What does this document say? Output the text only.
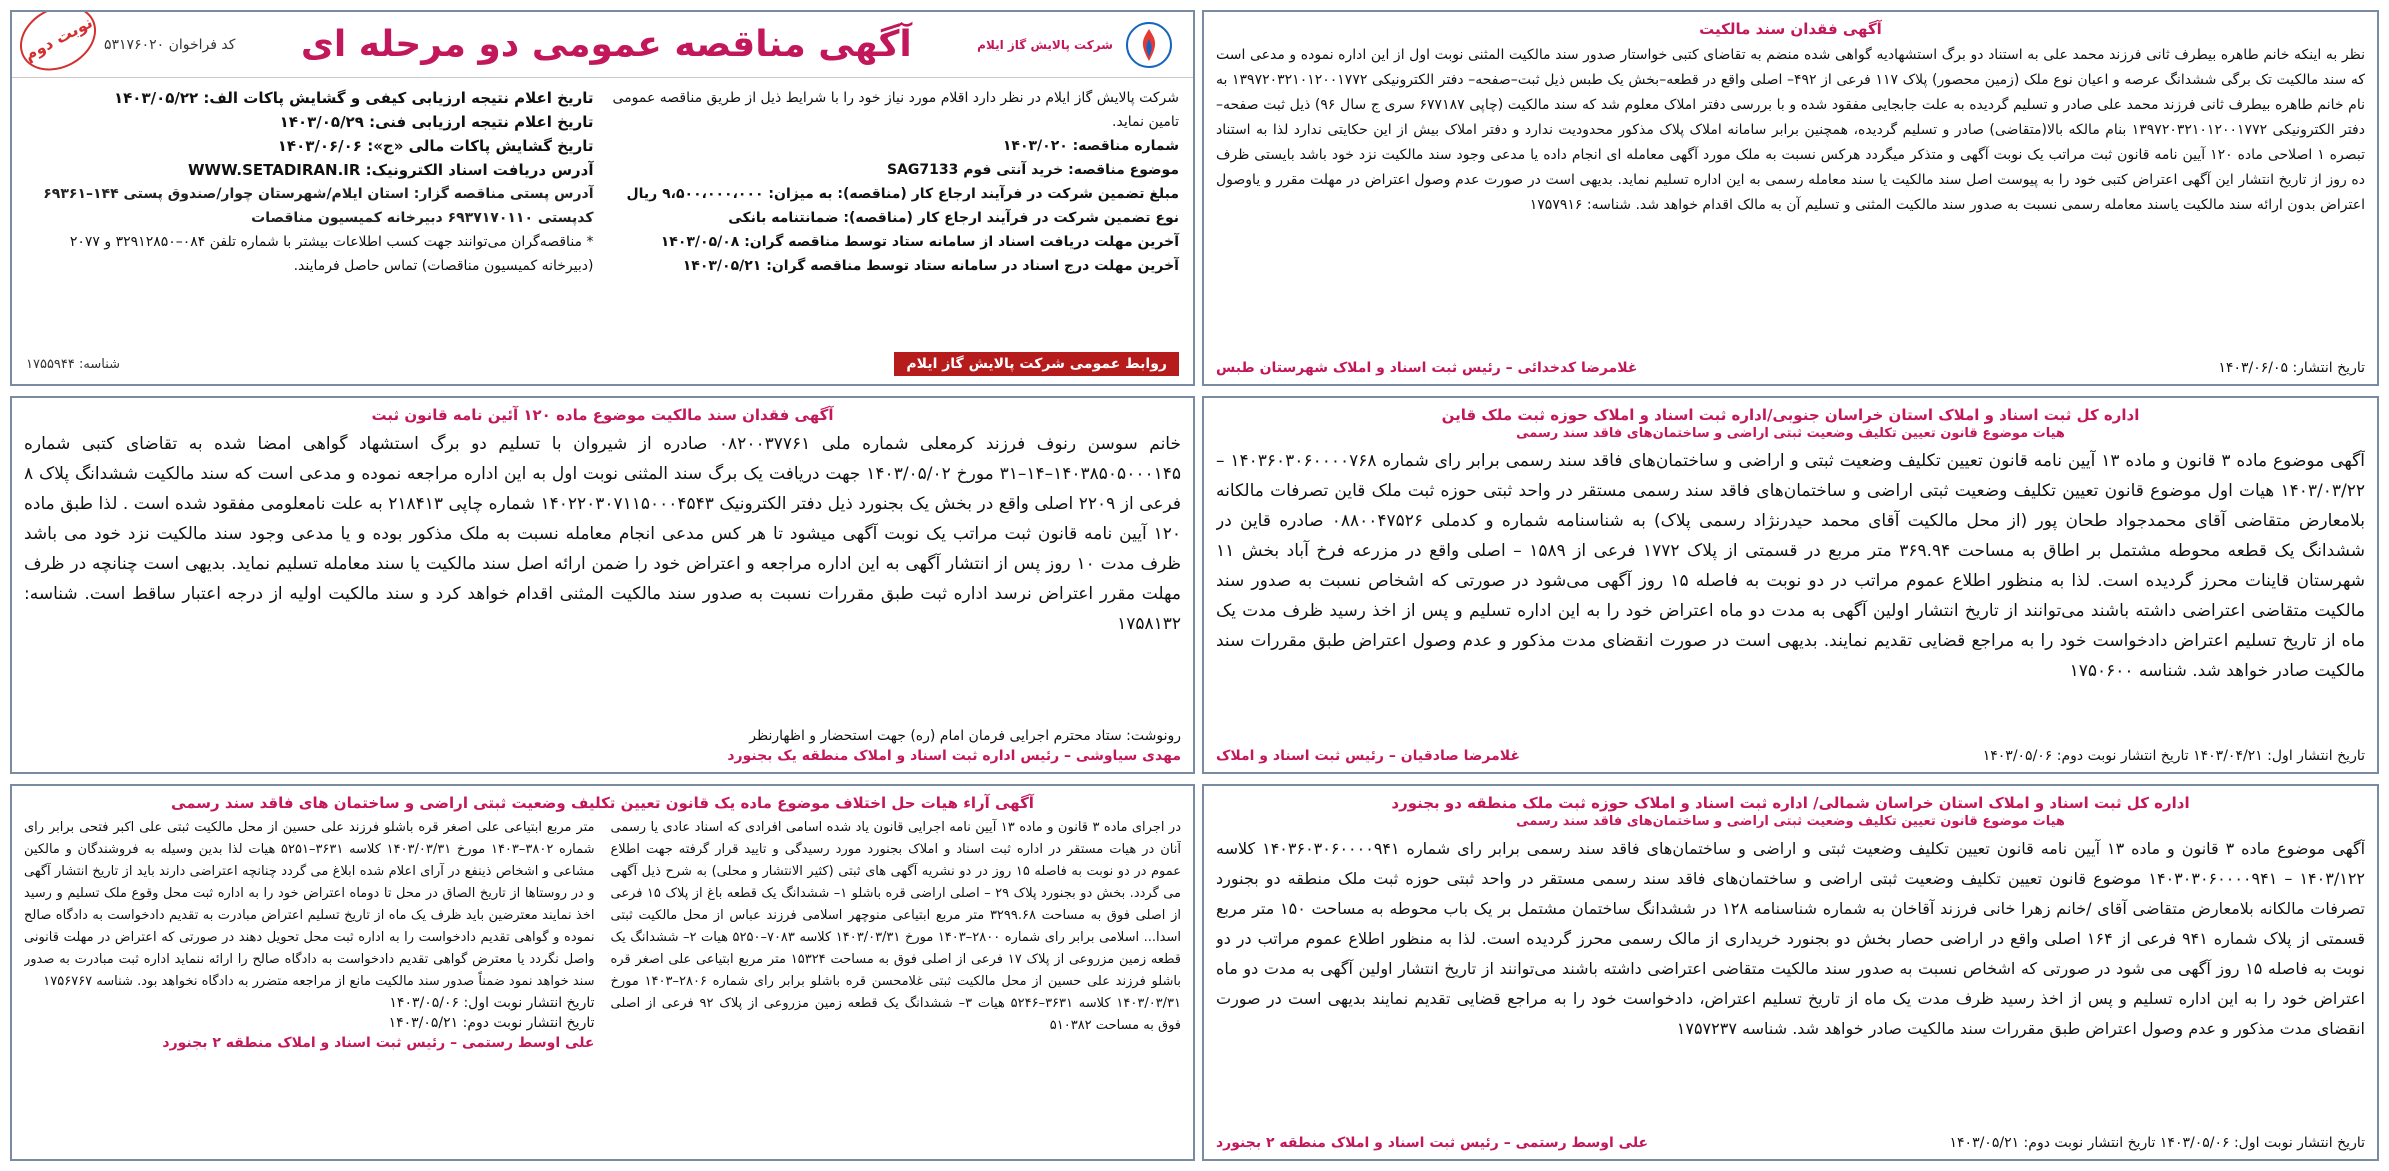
آگهی فقدان سند مالکیت
نظر به اینکه خانم طاهره بیطرف ثانی فرزند محمد علی به استناد دو برگ استشهادیه گواهی شده منضم به تقاضای کتبی خواستار صدور سند مالکیت المثنی نوبت اول از این اداره نموده و مدعی است که سند مالکیت تک برگی ششدانگ عرصه و اعیان نوع ملک (زمین محصور) پلاک ۱۱۷ فرعی از ۴۹۲– اصلی واقع در قطعه–بخش یک طبس ذیل ثبت–صفحه– دفتر الکترونیکی ۱۳۹۷۲۰۳۲۱۰۱۲۰۰۱۷۷۲ به نام خانم طاهره بیطرف ثانی فرزند محمد علی صادر و تسلیم گردیده به علت جابجایی مفقود شده و با بررسی دفتر املاک معلوم شد که سند مالکیت (چاپی ۶۷۷۱۸۷ سری ج سال ۹۶) ذیل ثبت صفحه– دفتر الکترونیکی ۱۳۹۷۲۰۳۲۱۰۱۲۰۰۱۷۷۲ بنام مالکه بالا(متقاضی) صادر و تسلیم گردیده، همچنین برابر سامانه املاک پلاک مذکور محدودیت ندارد و دفتر املاک بیش از این حکایتی ندارد لذا به استناد تبصره ۱ اصلاحی ماده ۱۲۰ آیین نامه قانون ثبت مراتب یک نوبت آگهی و متذکر میگردد هرکس نسبت به ملک مورد آگهی معامله ای انجام داده یا مدعی وجود سند مالکیت نزد خود باشد بایستی ظرف ده روز از تاریخ انتشار این آگهی اعتراض کتبی خود را به پیوست اصل سند مالکیت یا سند معامله رسمی به این اداره تسلیم نماید. بدیهی است در صورت عدم وصول اعتراض در مهلت مقرر و یاوصول اعتراض بدون ارائه سند مالکیت یاسند معامله رسمی نسبت به صدور سند مالکیت المثنی و تسلیم آن به مالک اقدام خواهد شد. شناسه: ۱۷۵۷۹۱۶
تاریخ انتشار: ۱۴۰۳/۰۶/۰۵
غلامرضا کدخدائی – رئیس ثبت اسناد و املاک شهرستان طبس
شرکت پالایش گاز ایلام
آگهی مناقصه عمومی دو مرحله ای
کد فراخوان ۵۳۱۷۶۰۲۰
نوبت دوم
شرکت پالایش گاز ایلام در نظر دارد اقلام مورد نیاز خود را با شرایط ذیل از طریق مناقصه عمومی تامین نماید.
شماره مناقصه: ۱۴۰۳/۰۲۰
موضوع مناقصه: خرید آنتی فوم SAG7133
مبلغ تضمین شرکت در فرآیند ارجاع کار (مناقصه): به میزان: ۹،۵۰۰،۰۰۰،۰۰۰ ریال
نوع تضمین شرکت در فرآیند ارجاع کار (مناقصه): ضمانتنامه بانکی
آخرین مهلت دریافت اسناد از سامانه ستاد توسط مناقصه گران: ۱۴۰۳/۰۵/۰۸
آخرین مهلت درج اسناد در سامانه ستاد توسط مناقصه گران: ۱۴۰۳/۰۵/۲۱
تاریخ اعلام نتیجه ارزیابی کیفی و گشایش پاکات الف: ۱۴۰۳/۰۵/۲۲
تاریخ اعلام نتیجه ارزیابی فنی: ۱۴۰۳/۰۵/۲۹
تاریخ گشایش پاکات مالی «ج»: ۱۴۰۳/۰۶/۰۶
آدرس دریافت اسناد الکترونیک: WWW.SETADIRAN.IR
آدرس پستی مناقصه گزار: استان ایلام/شهرستان چوار/صندوق پستی ۱۴۴–۶۹۳۶۱ کدپستی ۶۹۳۷۱۷۰۱۱۰ دبیرخانه کمیسیون مناقصات
* مناقصه‌گران می‌توانند جهت کسب اطلاعات بیشتر با شماره تلفن ۰۸۴–۳۲۹۱۲۸۵۰ و ۲۰۷۷ (دبیرخانه کمیسیون مناقصات) تماس حاصل فرمایند.
روابط عمومی شرکت پالایش گاز ایلام
شناسه: ۱۷۵۵۹۴۴
اداره کل ثبت اسناد و املاک استان خراسان جنوبی/اداره ثبت اسناد و املاک حوزه ثبت ملک قاین
هیات موضوع قانون تعیین تکلیف وضعیت ثبتی اراضی و ساختمان‌های فاقد سند رسمی
آگهی موضوع ماده ۳ قانون و ماده ۱۳ آیین نامه قانون تعیین تکلیف وضعیت ثبتی و اراضی و ساختمان‌های فاقد سند رسمی برابر رای شماره ۱۴۰۳۶۰۳۰۶۰۰۰۰۷۶۸ – ۱۴۰۳/۰۳/۲۲ هیات اول موضوع قانون تعیین تکلیف وضعیت ثبتی اراضی و ساختمان‌های فاقد سند رسمی مستقر در واحد ثبتی حوزه ثبت ملک قاین تصرفات مالکانه بلامعارض متقاضی آقای محمدجواد طحان پور (از محل مالکیت آقای محمد حیدرنژاد رسمی پلاک) به شناسنامه شماره و کدملی ۰۸۸۰۰۴۷۵۲۶ صادره قاین در ششدانگ یک قطعه محوطه مشتمل بر اطاق به مساحت ۳۶۹.۹۴ متر مربع در قسمتی از پلاک ۱۷۷۲ فرعی از ۱۵۸۹ – اصلی واقع در مزرعه فرخ آباد بخش ۱۱ شهرستان قاینات محرز گردیده است. لذا به منظور اطلاع عموم مراتب در دو نوبت به فاصله ۱۵ روز آگهی می‌شود در صورتی که اشخاص نسبت به صدور سند مالکیت متقاضی اعتراضی داشته باشند می‌توانند از تاریخ انتشار اولین آگهی به مدت دو ماه اعتراض خود را به این اداره تسلیم و پس از اخذ رسید ظرف مدت یک ماه از تاریخ تسلیم اعتراض دادخواست خود را به مراجع قضایی تقدیم نمایند. بدیهی است در صورت انقضای مدت مذکور و عدم وصول اعتراض طبق مقررات سند مالکیت صادر خواهد شد. شناسه ۱۷۵۰۶۰۰
تاریخ انتشار اول: ۱۴۰۳/۰۴/۲۱ تاریخ انتشار نوبت دوم: ۱۴۰۳/۰۵/۰۶
غلامرضا صادقیان – رئیس ثبت اسناد و املاک
آگهی فقدان سند مالکیت موضوع ماده ۱۲۰ آئین نامه قانون ثبت
خانم سوسن رنوف فرزند کرمعلی شماره ملی ۰۸۲۰۰۳۷۷۶۱ صادره از شیروان با تسلیم دو برگ استشهاد گواهی امضا شده به تقاضای کتبی شماره ۱۴۰۳۸۵۰۵۰۰۰۱۴۵–۱۴–۳۱ مورخ ۱۴۰۳/۰۵/۰۲ جهت دریافت یک برگ سند المثنی نوبت اول به این اداره مراجعه نموده و مدعی است که سند مالکیت ششدانگ پلاک ۸ فرعی از ۲۲۰۹ اصلی واقع در بخش یک بجنورد ذیل دفتر الکترونیک ۱۴۰۲۲۰۳۰۷۱۱۵۰۰۰۴۵۴۳ شماره چاپی ۲۱۸۴۱۳ به علت نامعلومی مفقود شده است . لذا طبق ماده ۱۲۰ آیین نامه قانون ثبت مراتب یک نوبت آگهی میشود تا هر کس مدعی انجام معامله نسبت به ملک مذکور بوده و یا مدعی وجود سند مالکیت نزد خود می باشد ظرف مدت ۱۰ روز پس از انتشار آگهی به این اداره مراجعه و اعتراض خود را ضمن ارائه اصل سند مالکیت یا سند معامله تسلیم نماید. بدیهی است چنانچه در ظرف مهلت مقرر اعتراض نرسد اداره ثبت طبق مقررات نسبت به صدور سند مالکیت المثنی اقدام خواهد کرد و سند مالکیت اولیه از درجه اعتبار ساقط است. شناسه: ۱۷۵۸۱۳۲
رونوشت: ستاد محترم اجرایی فرمان امام (ره) جهت استحضار و اظهارنظر
مهدی سیاوشی – رئیس اداره ثبت اسناد و املاک منطقه یک بجنورد
اداره کل ثبت اسناد و املاک استان خراسان شمالی/ اداره ثبت اسناد و املاک حوزه ثبت ملک منطقه دو بجنورد
هیات موضوع قانون تعیین تکلیف وضعیت ثبتی اراضی و ساختمان‌های فاقد سند رسمی
آگهی موضوع ماده ۳ قانون و ماده ۱۳ آیین نامه قانون تعیین تکلیف وضعیت ثبتی و اراضی و ساختمان‌های فاقد سند رسمی برابر رای شماره ۱۴۰۳۶۰۳۰۶۰۰۰۰۹۴۱ کلاسه ۱۴۰۳/۱۲۲ – ۱۴۰۳۰۳۰۶۰۰۰۰۹۴۱ موضوع قانون تعیین تکلیف وضعیت ثبتی اراضی و ساختمان‌های فاقد سند رسمی مستقر در واحد ثبتی حوزه ثبت ملک منطقه دو بجنورد تصرفات مالکانه بلامعارض متقاضی آقای /خانم زهرا خانی فرزند آقاخان به شماره شناسنامه ۱۲۸ در ششدانگ ساختمان مشتمل بر یک باب محوطه به مساحت ۱۵۰ متر مربع قسمتی از پلاک شماره ۹۴۱ فرعی از ۱۶۴ اصلی واقع در اراضی حصار بخش دو بجنورد خریداری از مالک رسمی محرز گردیده است. لذا به منظور اطلاع عموم مراتب در دو نوبت به فاصله ۱۵ روز آگهی می شود در صورتی که اشخاص نسبت به صدور سند مالکیت متقاضی اعتراضی داشته باشند می‌توانند از تاریخ انتشار اولین آگهی به مدت دو ماه اعتراض خود را به این اداره تسلیم و پس از اخذ رسید ظرف مدت یک ماه از تاریخ تسلیم اعتراض، دادخواست خود را به مراجع قضایی تقدیم نمایند بدیهی است در صورت انقضای مدت مذکور و عدم وصول اعتراض طبق مقررات سند مالکیت صادر خواهد شد. شناسه ۱۷۵۷۲۳۷
تاریخ انتشار نوبت اول: ۱۴۰۳/۰۵/۰۶ تاریخ انتشار نوبت دوم: ۱۴۰۳/۰۵/۲۱
علی اوسط رستمی – رئیس ثبت اسناد و املاک منطقه ۲ بجنورد
آگهی آراء هیات حل اختلاف موضوع ماده یک قانون تعیین تکلیف وضعیت ثبتی اراضی و ساختمان های فاقد سند رسمی
در اجرای ماده ۳ قانون و ماده ۱۳ آیین نامه اجرایی قانون یاد شده اسامی افرادی که اسناد عادی یا رسمی آنان در هیات مستقر در اداره ثبت اسناد و املاک بجنورد مورد رسیدگی و تایید قرار گرفته جهت اطلاع عموم در دو نوبت به فاصله ۱۵ روز در دو نشریه آگهی های ثبتی (کثیر الانتشار و محلی) به شرح ذیل آگهی می گردد. بخش دو بجنورد پلاک ۲۹ – اصلی اراضی قره باشلو ۱– ششدانگ یک قطعه باغ از پلاک ۱۵ فرعی از اصلی فوق به مساحت ۳۲۹۹.۶۸ متر مربع ابتیاعی منوچهر اسلامی فرزند عباس از محل مالکیت ثبتی اسدا... اسلامی برابر رای شماره ۲۸۰۰–۱۴۰۳ مورخ ۱۴۰۳/۰۳/۳۱ کلاسه ۷۰۸۳–۵۲۵۰ هیات ۲– ششدانگ یک قطعه زمین مزروعی از پلاک ۱۷ فرعی از اصلی فوق به مساحت ۱۵۳۲۴ متر مربع ابتیاعی علی اصغر قره باشلو فرزند علی حسین از محل مالکیت ثبتی غلامحسن قره باشلو برابر رای شماره ۲۸۰۶–۱۴۰۳ مورخ ۱۴۰۳/۰۳/۳۱ کلاسه ۳۶۳۱–۵۲۴۶ هیات ۳– ششدانگ یک قطعه زمین مزروعی از پلاک ۹۲ فرعی از اصلی فوق به مساحت ۵۱۰۳۸۲
متر مربع ابتیاعی علی اصغر قره باشلو فرزند علی حسین از محل مالکیت ثبتی علی اکبر فتحی برابر رای شماره ۳۸۰۲–۱۴۰۳ مورخ ۱۴۰۳/۰۳/۳۱ کلاسه ۳۶۳۱–۵۲۵۱ هیات لذا بدین وسیله به فروشندگان و مالکین مشاعی و اشخاص ذینفع در آرای اعلام شده ابلاغ می گردد چنانچه اعتراضی دارند باید از تاریخ انتشار آگهی و در روستاها از تاریخ الصاق در محل تا دوماه اعتراض خود را به اداره ثبت محل وقوع ملک تسلیم و رسید اخذ نمایند معترضین باید ظرف یک ماه از تاریخ تسلیم اعتراض مبادرت به تقدیم دادخواست به دادگاه صالح نموده و گواهی تقدیم دادخواست را به اداره ثبت محل تحویل دهند در صورتی که اعتراض در مهلت قانونی واصل نگردد یا معترض گواهی تقدیم دادخواست به دادگاه صالح را ارائه ننماید اداره ثبت مبادرت به صدور سند خواهد نمود ضمناً صدور سند مالکیت مانع از مراجعه متضرر به دادگاه نخواهد بود. شناسه ۱۷۵۶۷۶۷
تاریخ انتشار نوبت اول: ۱۴۰۳/۰۵/۰۶
تاریخ انتشار نوبت دوم: ۱۴۰۳/۰۵/۲۱
علی اوسط رستمی – رئیس ثبت اسناد و املاک منطقه ۲ بجنورد
